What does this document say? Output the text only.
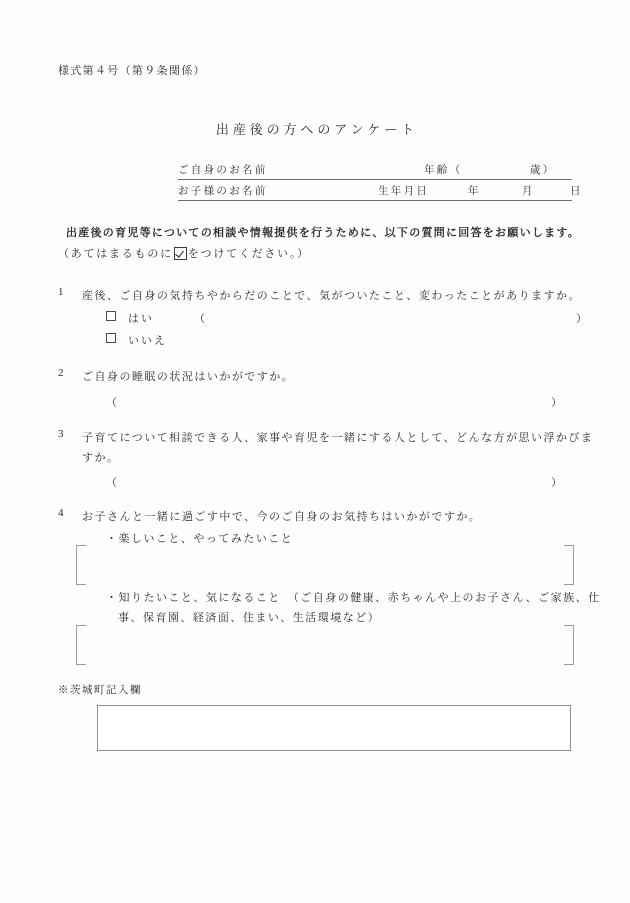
様式第４号（第９条関係）
出産後の方へのアンケート
ご自身のお名前	年齢（	歳）
お子様のお名前	生年月日	年	月	日
出産後の育児等についての相談や情報提供を行うために、以下の質問に回答をお願いします。
（あてはまるものに をつけてください。）
1 産後、ご自身の気持ちやからだのことで、気がついたこと、変わったことがありますか。
はい	（	）
いいえ
2 ご自身の睡眠の状況はいかがですか。
（	）
3 子育てについて相談できる人、家事や育児を一緒にする人として、どんな方が思い浮かびま
すか。
（	）
4 お子さんと一緒に過ごす中で、今のご自身のお気持ちはいかがですか。
・楽しいこと、やってみたいこと
・知りたいこと、気になること　（ご自身の健康、赤ちゃんや上のお子さん、ご家族、仕
事、保育園、経済面、住まい、生活環境など）
※茨城町記入欄
